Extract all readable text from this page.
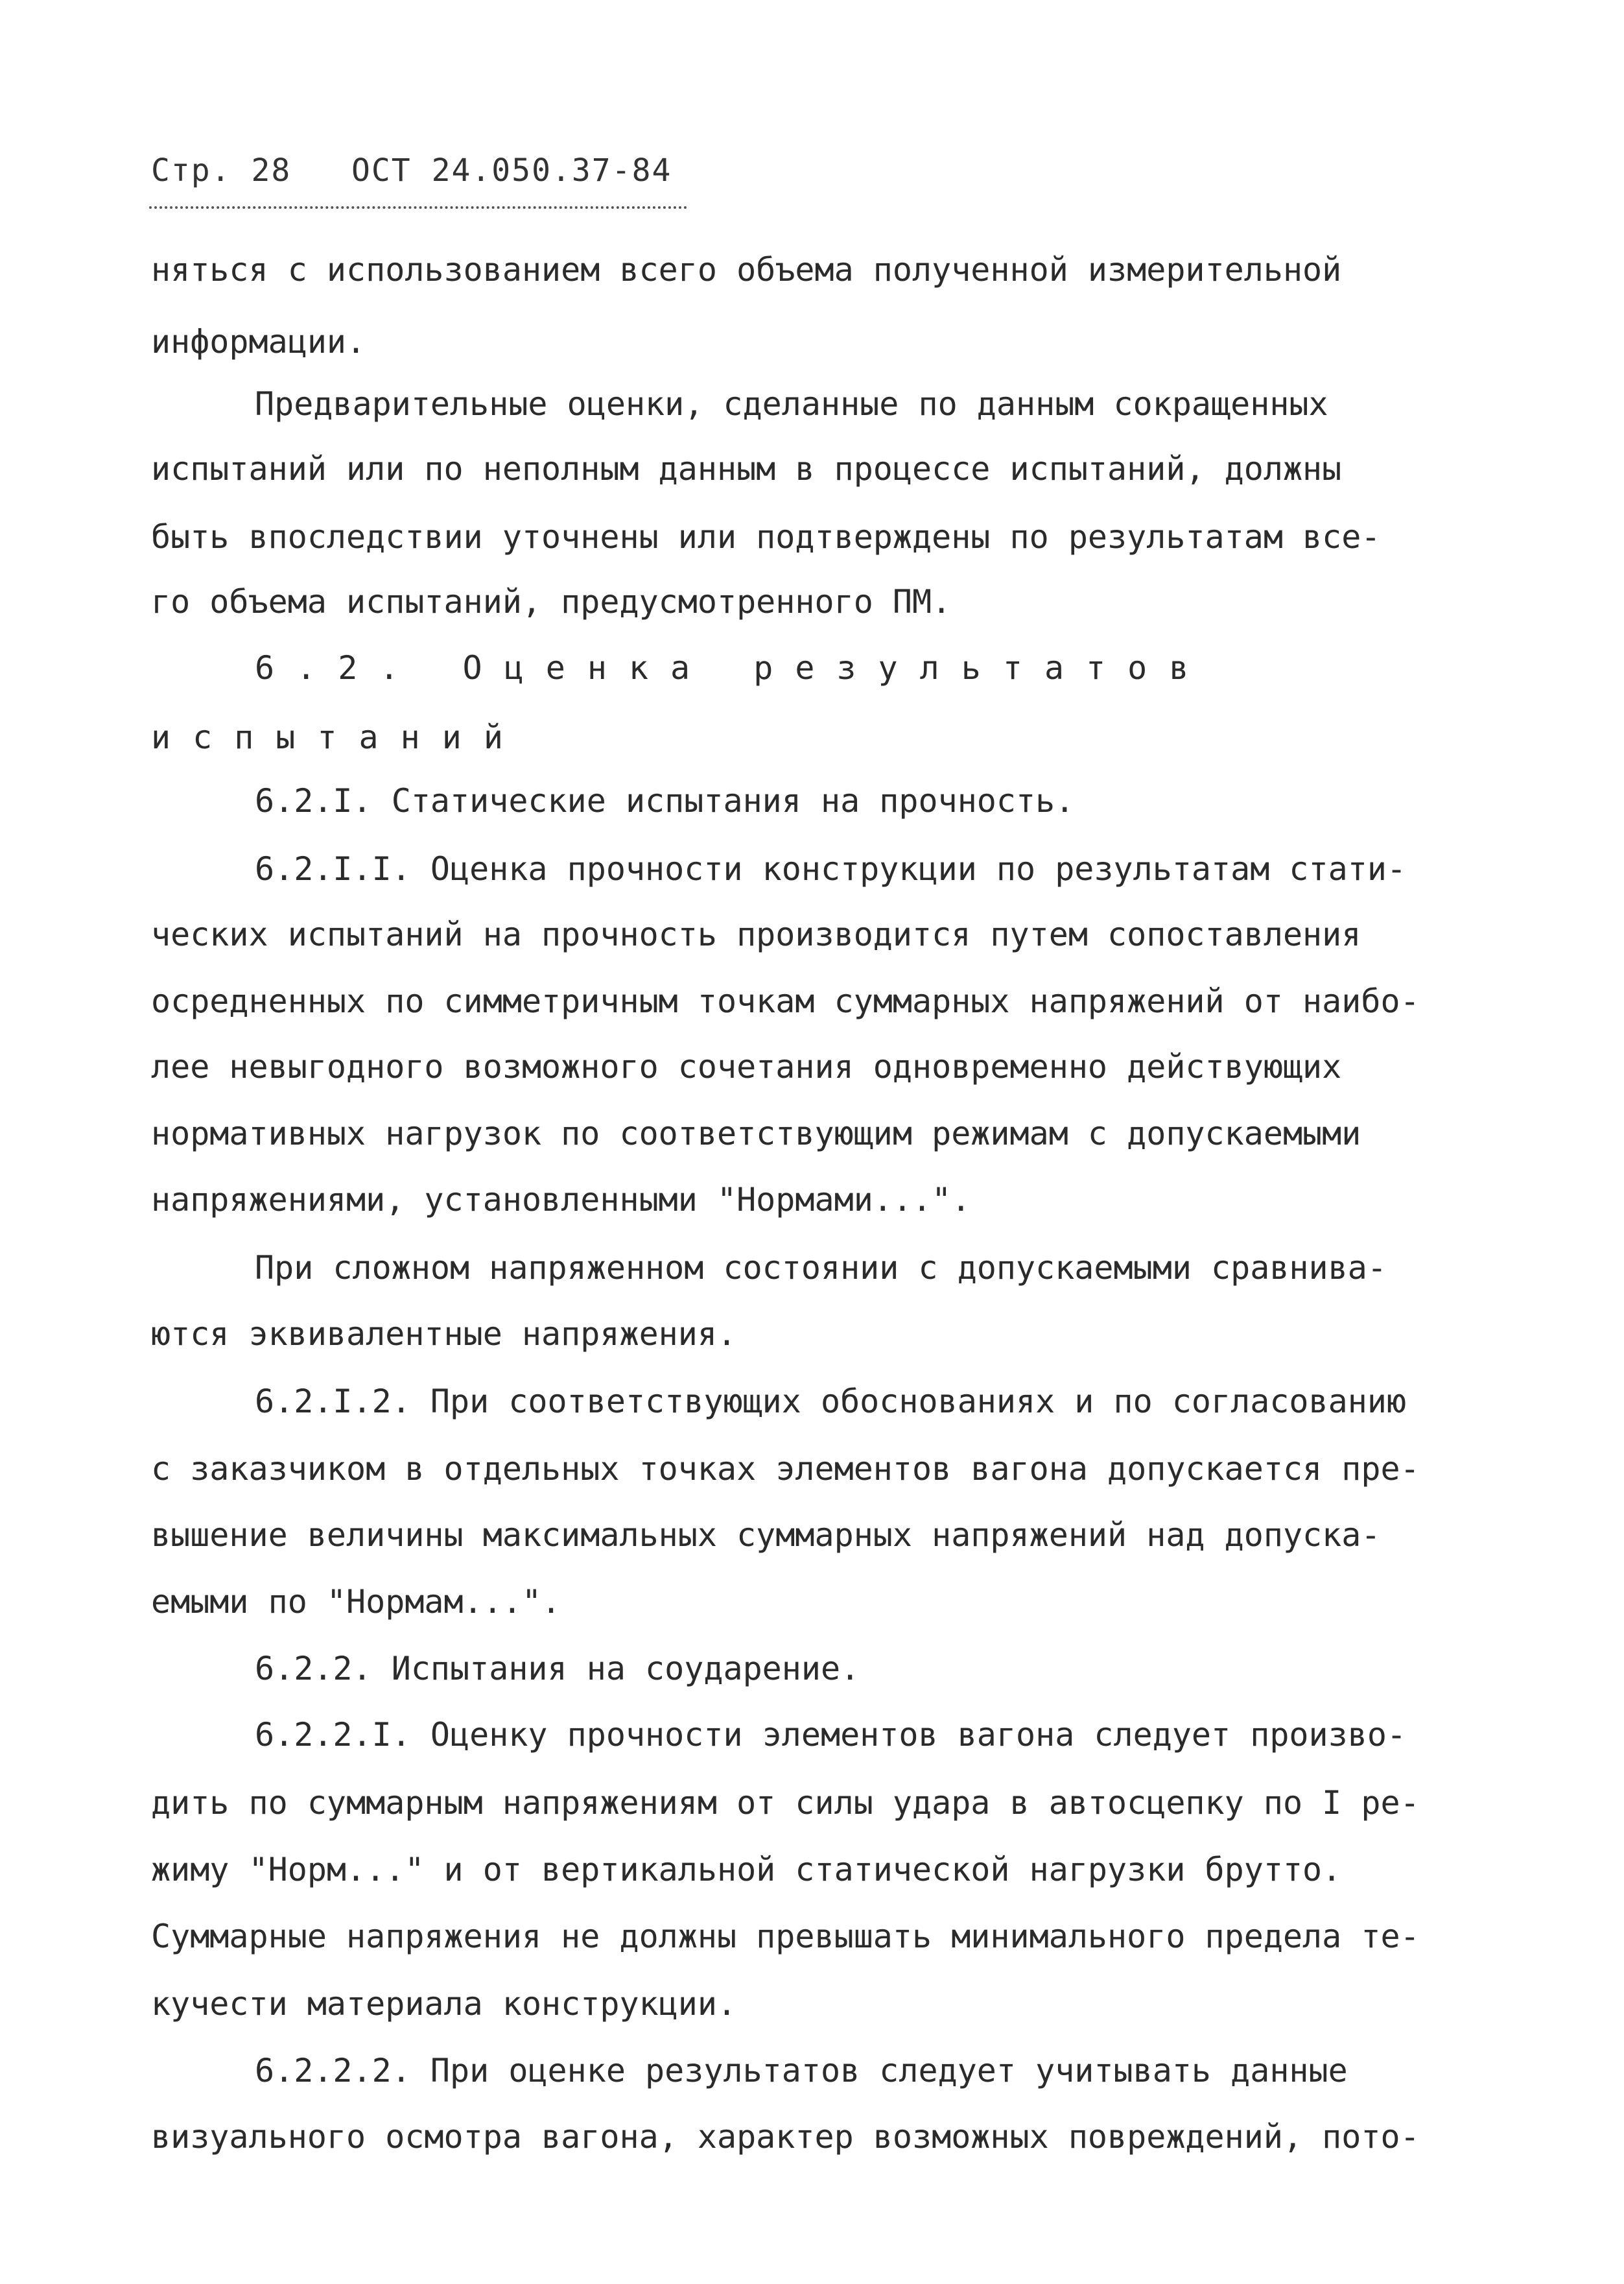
Стр. 28 ОСТ 24.050.37-84
нятьcя с использованием всего объема полученной измерительной
информации.
Предварительные оценки, сделанные по данным сокращенных
испытаний или по неполным данным в процессе испытаний, должны
быть впоследствии уточнены или подтверждены по результатам все-
го объема испытаний, предусмотренного ПМ.
6.2. Оценка результатов
испытаний
6.2.I. Статические испытания на прочность.
6.2.I.I. Оценка прочности конструкции по результатам стати-
ческих испытаний на прочность производится путем сопоставления
осредненных по симметричным точкам суммарных напряжений от наибо-
лее невыгодного возможного сочетания одновременно действующих
нормативных нагрузок по соответствующим режимам с допускаемыми
напряжениями, установленными "Нормами...".
При сложном напряженном состоянии с допускаемыми сравнива-
ются эквивалентные напряжения.
6.2.I.2. При соответствующих обоснованиях и по согласованию
с заказчиком в отдельных точках элементов вагона допускается пре-
вышение величины максимальных суммарных напряжений над допуска-
емыми по "Нормам...".
6.2.2. Испытания на соударение.
6.2.2.I. Оценку прочности элементов вагона следует произво-
дить по суммарным напряжениям от силы удара в автосцепку по I ре-
жиму "Норм..." и от вертикальной статической нагрузки брутто.
Суммарные напряжения не должны превышать минимального предела те-
кучести материала конструкции.
6.2.2.2. При оценке результатов следует учитывать данные
визуального осмотра вагона, характер возможных повреждений, пото-
